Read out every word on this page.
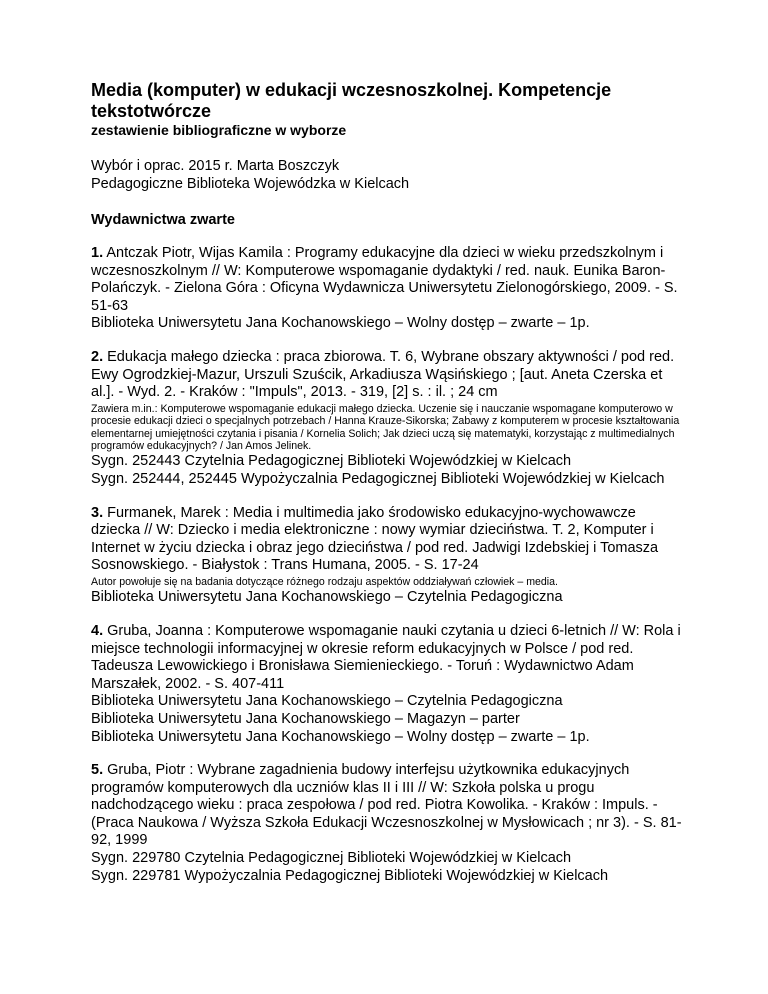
Media (komputer) w edukacji wczesnoszkolnej. Kompetencje tekstotwórcze
zestawienie bibliograficzne w wyborze

Wybór i oprac. 2015 r. Marta Boszczyk

Pedagogiczne Biblioteka Wojewódzka w Kielcach

Wydawnictwa zwarte

1. Antczak Piotr, Wijas Kamila : Programy edukacyjne dla dzieci w wieku przedszkolnym i wczesnoszkolnym // W: Komputerowe wspomaganie dydaktyki / red. nauk. Eunika Baron-Polańczyk. - Zielona Góra : Oficyna Wydawnicza Uniwersytetu Zielonogórskiego, 2009. - S. 51-63

Biblioteka Uniwersytetu Jana Kochanowskiego – Wolny dostęp – zwarte – 1p.

2. Edukacja małego dziecka : praca zbiorowa. T. 6, Wybrane obszary aktywności / pod red. Ewy Ogrodzkiej-Mazur, Urszuli Szuścik, Arkadiusza Wąsińskiego ; [aut. Aneta Czerska et al.]. - Wyd. 2. - Kraków : "Impuls", 2013. - 319, [2] s. : il. ; 24 cm

Zawiera m.in.: Komputerowe wspomaganie edukacji małego dziecka. Uczenie się i nauczanie wspomagane komputerowo w procesie edukacji dzieci o specjalnych potrzebach / Hanna Krauze-Sikorska; Zabawy z komputerem w procesie kształtowania elementarnej umiejętności czytania i pisania / Kornelia Solich; Jak dzieci uczą się matematyki, korzystając z multimedialnych programów edukacyjnych? / Jan Amos Jelinek.

Sygn. 252443 Czytelnia Pedagogicznej Biblioteki Wojewódzkiej w Kielcach

Sygn. 252444, 252445 Wypożyczalnia Pedagogicznej Biblioteki Wojewódzkiej w Kielcach

3. Furmanek, Marek : Media i multimedia jako środowisko edukacyjno-wychowawcze dziecka // W: Dziecko i media elektroniczne : nowy wymiar dzieciństwa. T. 2, Komputer i Internet w życiu dziecka i obraz jego dzieciństwa / pod red. Jadwigi Izdebskiej i Tomasza Sosnowskiego. - Białystok : Trans Humana, 2005. - S. 17-24

Autor powołuje się na badania dotyczące różnego rodzaju aspektów oddziaływań człowiek – media.

Biblioteka Uniwersytetu Jana Kochanowskiego – Czytelnia Pedagogiczna

4. Gruba, Joanna : Komputerowe wspomaganie nauki czytania u dzieci 6-letnich // W: Rola i miejsce technologii informacyjnej w okresie reform edukacyjnych w Polsce / pod red. Tadeusza Lewowickiego i Bronisława Siemienieckiego. - Toruń : Wydawnictwo Adam Marszałek, 2002. - S. 407-411

Biblioteka Uniwersytetu Jana Kochanowskiego – Czytelnia Pedagogiczna

Biblioteka Uniwersytetu Jana Kochanowskiego – Magazyn – parter

Biblioteka Uniwersytetu Jana Kochanowskiego – Wolny dostęp – zwarte – 1p.

5. Gruba, Piotr : Wybrane zagadnienia budowy interfejsu użytkownika edukacyjnych programów komputerowych dla uczniów klas II i III // W: Szkoła polska u progu nadchodzącego wieku : praca zespołowa / pod red. Piotra Kowolika. - Kraków : Impuls. - (Praca Naukowa / Wyższa Szkoła Edukacji Wczesnoszkolnej w Mysłowicach ; nr 3). - S. 81-92, 1999

Sygn. 229780 Czytelnia Pedagogicznej Biblioteki Wojewódzkiej w Kielcach

Sygn. 229781 Wypożyczalnia Pedagogicznej Biblioteki Wojewódzkiej w Kielcach
